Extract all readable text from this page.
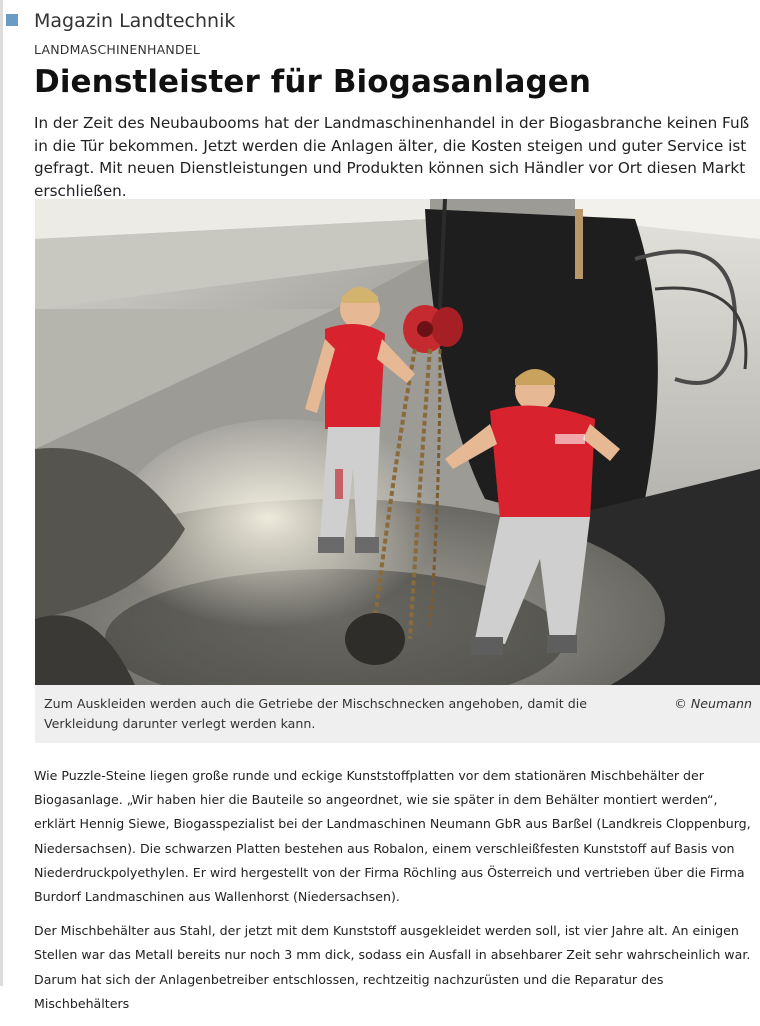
Magazin Landtechnik
LANDMASCHINENHANDEL
Dienstleister für Biogasanlagen
In der Zeit des Neubaubooms hat der Landmaschinenhandel in der Biogasbranche keinen Fuß in die Tür bekommen. Jetzt werden die Anlagen älter, die Kosten steigen und guter Service ist gefragt. Mit neuen Dienstleistungen und Produkten können sich Händler vor Ort diesen Markt erschließen.
Zum Auskleiden werden auch die Getriebe der Mischschnecken angehoben, damit die Verkleidung darunter verlegt werden kann.
© Neumann

Wie Puzzle-Steine liegen große runde und eckige Kunststoffplatten vor dem stationären Mischbehälter der Biogasanlage. „Wir haben hier die Bauteile so angeordnet, wie sie später in dem Behälter montiert werden“, erklärt Hennig Siewe, Biogasspezialist bei der Landmaschinen Neumann GbR aus Barßel (Landkreis Cloppenburg, Niedersachsen). Die schwarzen Platten bestehen aus Robalon, einem verschleißfesten Kunststoff auf Basis von Niederdruckpolyethylen. Er wird hergestellt von der Firma Röchling aus Österreich und vertrieben über die Firma Burdorf Landmaschinen aus Wallenhorst (Niedersachsen).

Der Mischbehälter aus Stahl, der jetzt mit dem Kunststoff ausgekleidet werden soll, ist vier Jahre alt. An einigen Stellen war das Metall bereits nur noch 3 mm dick, sodass ein Ausfall in absehbarer Zeit sehr wahrscheinlich war. Darum hat sich der Anlagenbetreiber entschlossen, rechtzeitig nachzurüsten und die Reparatur des Mischbehälters
